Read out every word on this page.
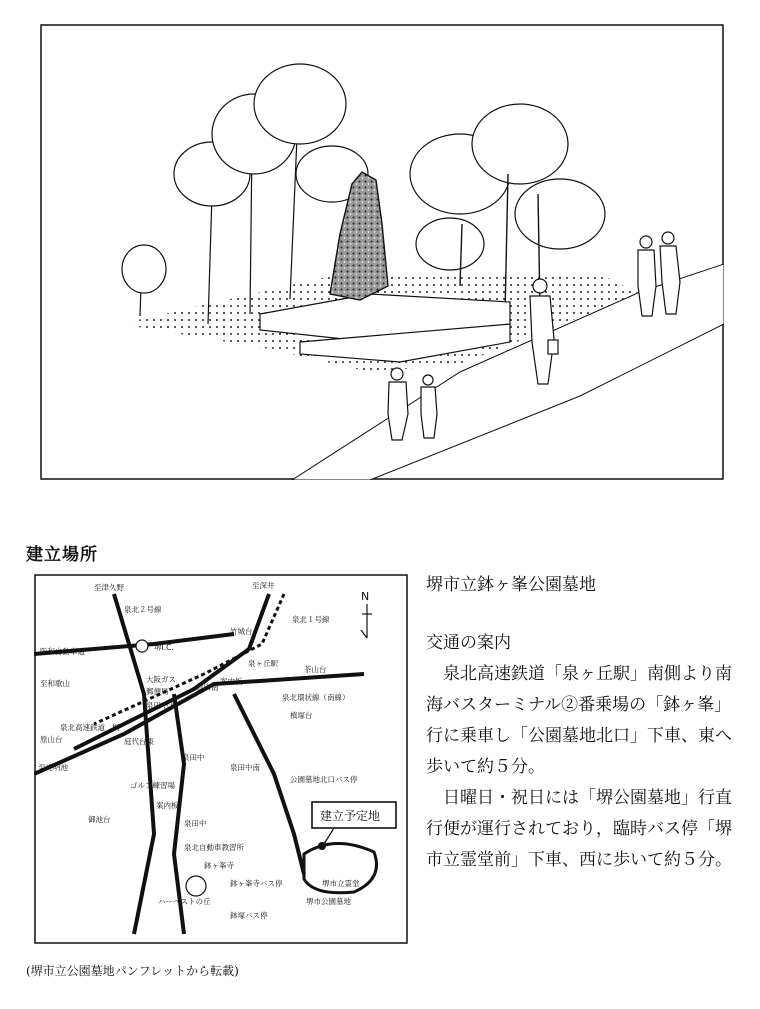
建立場所
N
建立予定地
至津久野	至深井
泉北２号線
泉北１号線
竹城台
阪和自動車道	堺I.C.
泉ヶ丘駅
茶山台
至和歌山	大阪ガス	案内板
豊田南
泉北環状線（南線）
郵便局
泉田中北
槙塚台
泉北高速鉄道 桐
原山台	庭代台東
至光明池
泉田中
泉田中南
公園墓地北口バス停
ゴルフ練習場
案内板
御池台	泉田中
泉北自動車教習所
鉢ヶ峯寺
鉢ヶ峯寺バス停	堺市立霊堂
ハーベストの丘	堺市公園墓地
鉢塚バス停

堺市立鉢ヶ峯公園墓地

交通の案内

泉北高速鉄道「泉ヶ丘駅」南側より南海バスターミナル②番乗場の「鉢ヶ峯」行に乗車し「公園墓地北口」下車、東へ歩いて約５分。

日曜日・祝日には「堺公園墓地」行直行便が運行されており，臨時バス停「堺市立霊堂前」下車、西に歩いて約５分。

(堺市立公園墓地パンフレットから転載)
